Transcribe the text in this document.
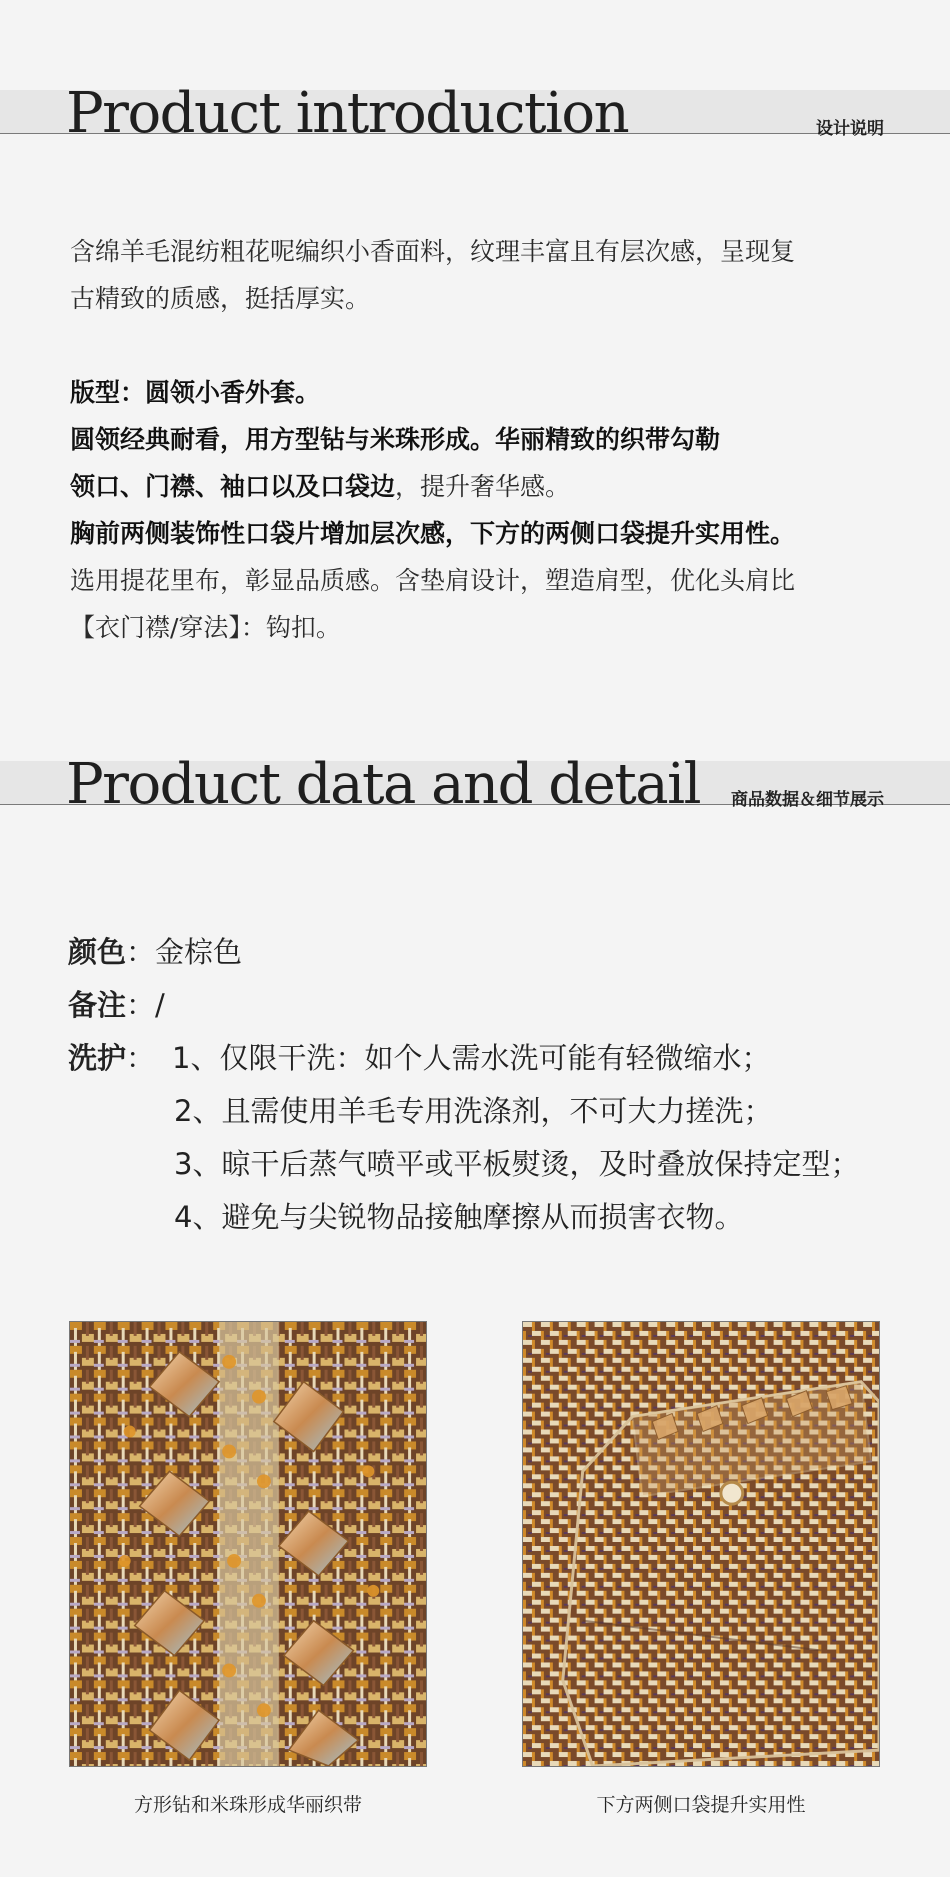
Product introduction	设计说明

含绵羊毛混纺粗花呢编织小香面料，纹理丰富且有层次感，呈现复

古精致的质感，挺括厚实。

版型：圆领小香外套。

圆领经典耐看，用方型钻与米珠形成。华丽精致的织带勾勒

领口、门襟、袖口以及口袋边，提升奢华感。

胸前两侧装饰性口袋片增加层次感，下方的两侧口袋提升实用性。

选用提花里布，彰显品质感。含垫肩设计，塑造肩型，优化头肩比

【衣门襟/穿法】：钩扣。

Product data and detail 商品数据＆细节展示
颜色：金棕色
备注：/
洗护： 1、仅限干洗：如个人需水洗可能有轻微缩水；
2、且需使用羊毛专用洗涤剂，不可大力搓洗；
3、晾干后蒸气喷平或平板熨烫，及时叠放保持定型；
4、避免与尖锐物品接触摩擦从而损害衣物。
方形钻和米珠形成华丽织带	下方两侧口袋提升实用性
